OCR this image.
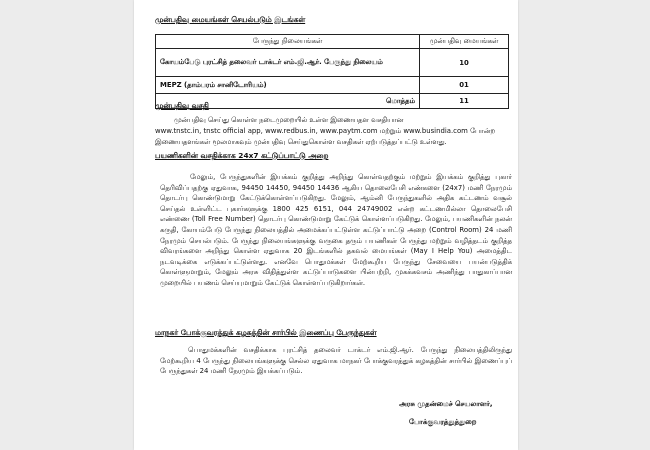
முன்பதிவு மையங்கள் செயல்படும் இடங்கள்
பேருந்து நிலையங்கள்	முன்பதிவு மையங்கள்
கோயம்பேடு புரட்சித் தலைவர் டாக்டர் எம்.ஜி.ஆர். பேருந்து நிலையம்	10
MEPZ (தாம்பரம் சானிடோரியம்)	01
மொத்தம்	11
முன்பதிவு வசதி
முன்பதிவு செய்து கொள்ள நடைமுறையில் உள்ள இணையதள வசதியான
www.tnstc.in, tnstc official app, www.redbus.in, www.paytm.com மற்றும் www.busindia.com போன்ற
இணையதளங்கள் மூலமாகவும் முன்பதிவு செய்துகொள்ள வசதிகள் ஏற்படுத்தப்பட்டு உள்ளது.
பயணிகளின் வசதிக்காக 24x7 கட்டுப்பாட்டு அறை
மேலும், பேருந்துகளின் இயக்கம் குறித்து அறிந்து கொள்வதற்கும் மற்றும் இயக்கம் குறித்து புகார் தெரிவிப்பதற்கு ஏதுவாக, 94450 14450, 94450 14436 ஆகிய தொலைபேசி எண்களை (24x7) மணி நேரமும் தொடர்பு கொண்டுமாறு கேட்டுக்கொள்ளப்படுகிறது. மேலும், ஆம்னி பேருந்துகளில் அதிக கட்டணம் வசூல் செய்தல் உள்ளிட்ட புகார்களுக்கு 1800 425 6151, 044 24749002 என்ற கட்டணமில்லா தொலைபேசி எண்ணை (Toll Free Number) தொடர்பு கொண்டுமாறு கேட்டுக் கொள்ளப்படுகிறது. மேலும், பயணிகளின் நலன் கருதி, கோயம்பேடு பேருந்து நிலையத்தில் அமைக்கப்பட்டுள்ள கட்டுப்பாட்டு அறை (Control Room) 24 மணி நேரமும் செயல்படும். பேருந்து நிலையங்களுக்கு வருகை தரும் பயணிகள் பேருந்து மற்றும் வழித்தடம் குறித்த விவரங்களை அறிந்து கொள்ள ஏதுவாக 20 இடங்களில் தகவல் மையங்கள் (May I Help You) அமைத்திட நடவடிக்கை எடுக்கப்பட்டுள்ளது. எனவே பொதுமக்கள் மேற்கூறிய பேருந்து சேவையை பயன்படுத்திக் கொள்ளுமாறும், மேலும் அரசு விதித்துள்ள கட்டுப்பாடுகளை பின்பற்றி, முகக்கவசம் அணிந்து பாதுகாப்பான முறையில் பயணம் செய்யுமாறும் கேட்டுக் கொள்ளப்படுகிறார்கள்.
மாநகர் போக்குவரத்துக் கழகத்தின் சார்பில் இணைப்பு பேருந்துகள்
பொதுமக்களின் வசதிக்காக புரட்சித் தலைவர் டாக்டர் எம்.ஜி.ஆர். பேருந்து நிலையத்திலிருந்து மேற்கூறிய 4 பேருந்து நிலையங்களுக்கு செல்ல ஏதுவாக மாநகர் போக்குவரத்துக் கழகத்தின் சார்பில் இணைப்புப் பேருந்துகள் 24 மணி நேரமும் இயக்கப்படும்.
அரசு முதன்மைச் செயலாளர்,
போக்குவரத்துத்துறை
